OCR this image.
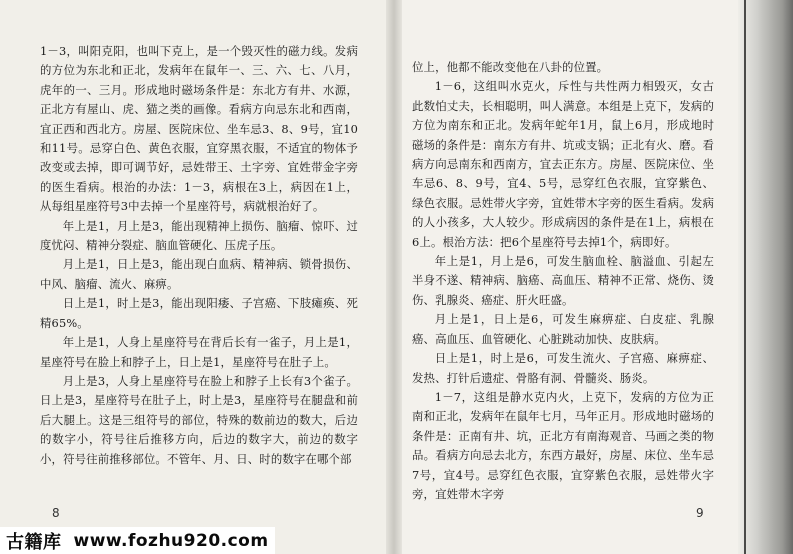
1－3，叫阳克阳，也叫下克上，是一个毁灭性的磁力线。发病的方位为东北和正北，发病年在鼠年一、三、六、七、八月，虎年的一、三月。形成地时磁场条件是：东北方有井、水源，正北方有屋山、虎、猫之类的画像。看病方向忌东北和西南，宜正西和西北方。房屋、医院床位、坐车忌3、8、9号，宜10和11号。忌穿白色、黄色衣服，宜穿黑衣服，不适宜的物体予改变或去掉，即可调节好，忌姓带王、土字旁、宜姓带金字旁的医生看病。根治的办法：1－3，病根在3上，病因在1上，从每组星座符号3中去掉一个星座符号，病就根治好了。

年上是1，月上是3，能出现精神上损伤、脑瘤、惊吓、过度忧闷、精神分裂症、脑血管硬化、压虎子压。

月上是1，日上是3，能出现白血病、精神病、锁骨损伤、中风、脑瘤、流火、麻痹。

日上是1，时上是3，能出现阳痿、子宫癌、下肢瘫痪、死精65%。

年上是1，人身上星座符号在背后长有一雀子，月上是1，星座符号在脸上和脖子上，日上是1，星座符号在肚子上。

月上是3，人身上星座符号在脸上和脖子上长有3个雀子。日上是3，星座符号在肚子上，时上是3，星座符号在腿盘和前后大腿上。这是三组符号的部位，特殊的数前边的数大，后边的数字小，符号往后推移方向，后边的数字大，前边的数字小，符号往前推移部位。不管年、月、日、时的数字在哪个部

位上，他都不能改变他在八卦的位置。

1－6，这组叫水克火，斥性与共性两力相毁灭，女古此数怕丈夫，长相聪明，叫人满意。本组是上克下，发病的方位为南东和正北。发病年蛇年1月，鼠上6月，形成地时磁场的条件是：南东方有井、坑或支锅；正北有火、磨。看病方向忌南东和西南方，宜去正东方。房屋、医院床位、坐车忌6、8、9号，宜4、5号，忌穿红色衣服，宜穿紫色、绿色衣服。忌姓带火字旁，宜姓带木字旁的医生看病。发病的人小孩多，大人较少。形成病因的条件是在1上，病根在6上。根治方法：把6个星座符号去掉1个，病即好。

年上是1，月上是6，可发生脑血栓、脑溢血、引起左半身不遂、精神病、脑癌、高血压、精神不正常、烧伤、烫伤、乳腺炎、癌症、肝火旺盛。

月上是1，日上是6，可发生麻痹症、白皮症、乳腺癌、高血压、血管硬化、心脏跳动加快、皮肤病。

日上是1，时上是6，可发生流火、子宫癌、麻痹症、发热、打针后遗症、骨胳有洞、骨髓炎、肠炎。

1－7，这组是静水克内火，上克下，发病的方位为正南和正北，发病年在鼠年七月，马年正月。形成地时磁场的条件是：正南有井、坑，正北方有南海观音、马画之类的物品。看病方向忌去北方，东西方最好，房屋、床位、坐车忌7号，宜4号。忌穿红色衣服，宜穿紫色衣服，忌姓带火字旁，宜姓带木字旁

8	9
古籍库 www.fozhu920.com
